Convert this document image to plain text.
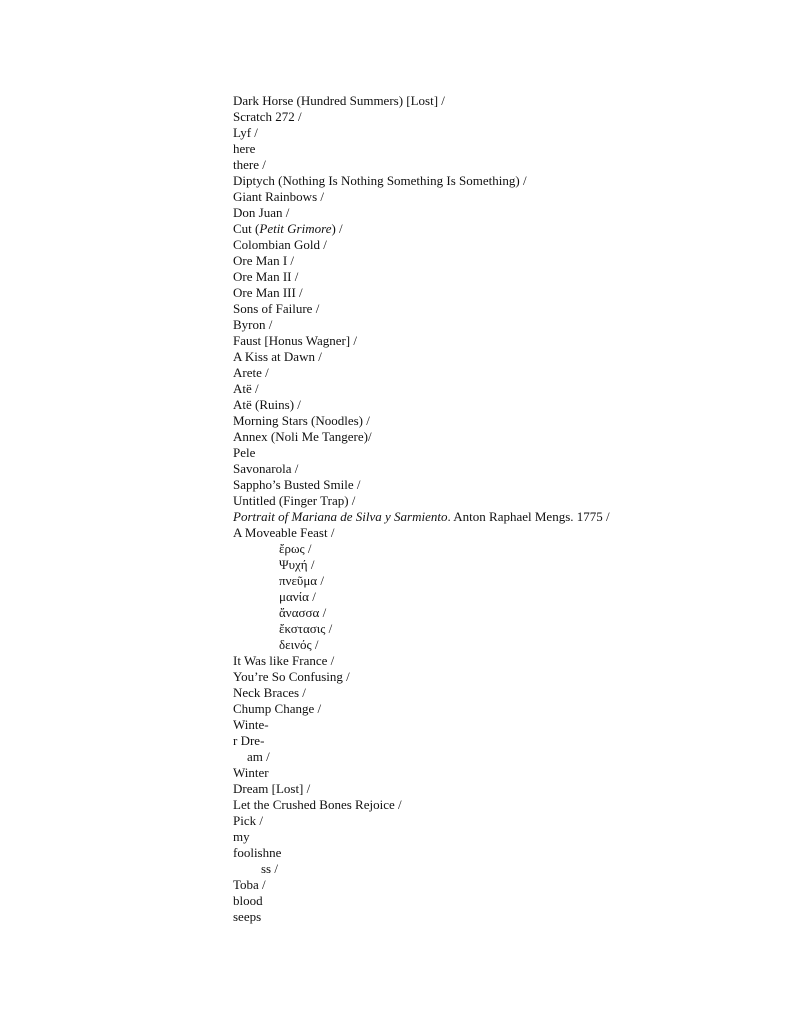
Dark Horse (Hundred Summers) [Lost] /
Scratch 272 /
Lyf /
here
there /
Diptych (Nothing Is Nothing Something Is Something) /
Giant Rainbows /
Don Juan /
Cut (Petit Grimore) /
Colombian Gold /
Ore Man I /
Ore Man II /
Ore Man III /
Sons of Failure /
Byron /
Faust [Honus Wagner] /
A Kiss at Dawn /
Arete /
Atë /
Atë (Ruins) /
Morning Stars (Noodles) /
Annex (Noli Me Tangere)/
Pele
Savonarola /
Sappho’s Busted Smile /
Untitled (Finger Trap) /
Portrait of Mariana de Silva y Sarmiento. Anton Raphael Mengs. 1775 /
A Moveable Feast /
ἔρως /
Ψυχή /
πνεῦμα /
μανία /
ἄνασσα /
ἔκστασις /
δεινός /
It Was like France /
You’re So Confusing /
Neck Braces /
Chump Change /
Winte-
r Dre-
am /
Winter
Dream [Lost] /
Let the Crushed Bones Rejoice /
Pick /
my
foolishne
ss /
Toba /
blood
seeps
